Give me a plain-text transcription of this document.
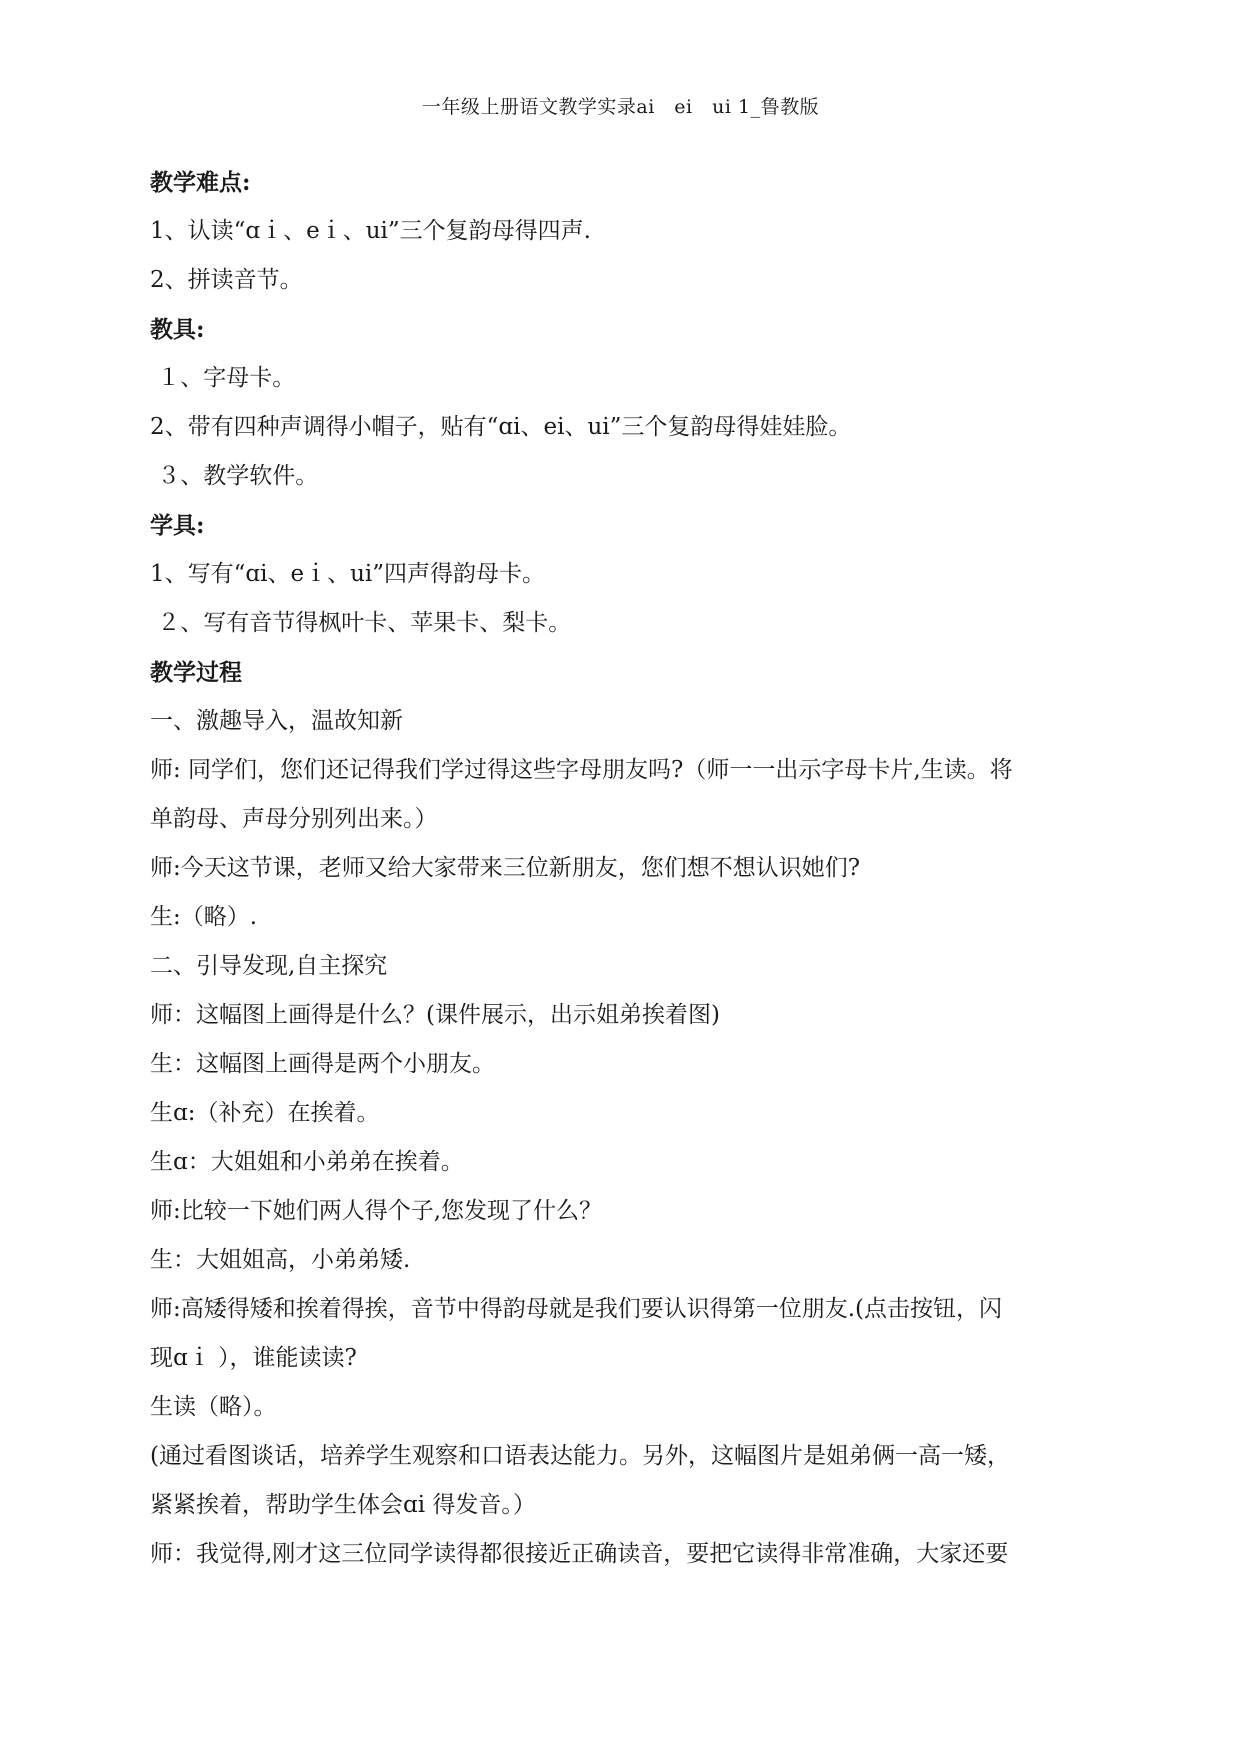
一年级上册语文教学实录ai　ei　ui 1_鲁教版
教学难点:
1、认读“ɑｉ、eｉ、ui”三个复韵母得四声.
2、拼读音节。
教具:
１、字母卡。
2、带有四种声调得小帽子，贴有“ɑi、ei、ui”三个复韵母得娃娃脸。
３、教学软件。
学具:
1、写有“ɑi、eｉ、ui”四声得韵母卡。
２、写有音节得枫叶卡、苹果卡、梨卡。
教学过程
一、激趣导入，温故知新
师: 同学们，您们还记得我们学过得这些字母朋友吗?（师一一出示字母卡片,生读。将
单韵母、声母分别列出来。）
师:今天这节课，老师又给大家带来三位新朋友，您们想不想认识她们?
生:（略）.
二、引导发现,自主探究
师：这幅图上画得是什么？(课件展示，出示姐弟挨着图)
生：这幅图上画得是两个小朋友。
生ɑ:（补充）在挨着。
生ɑ：大姐姐和小弟弟在挨着。
师:比较一下她们两人得个子,您发现了什么？
生：大姐姐高，小弟弟矮.
师:高矮得矮和挨着得挨，音节中得韵母就是我们要认识得第一位朋友.(点击按钮，闪
现ɑｉ ），谁能读读?
生读（略）。
(通过看图谈话，培养学生观察和口语表达能力。另外，这幅图片是姐弟俩一高一矮，
紧紧挨着，帮助学生体会ɑi 得发音。）
师：我觉得,刚才这三位同学读得都很接近正确读音，要把它读得非常准确，大家还要
